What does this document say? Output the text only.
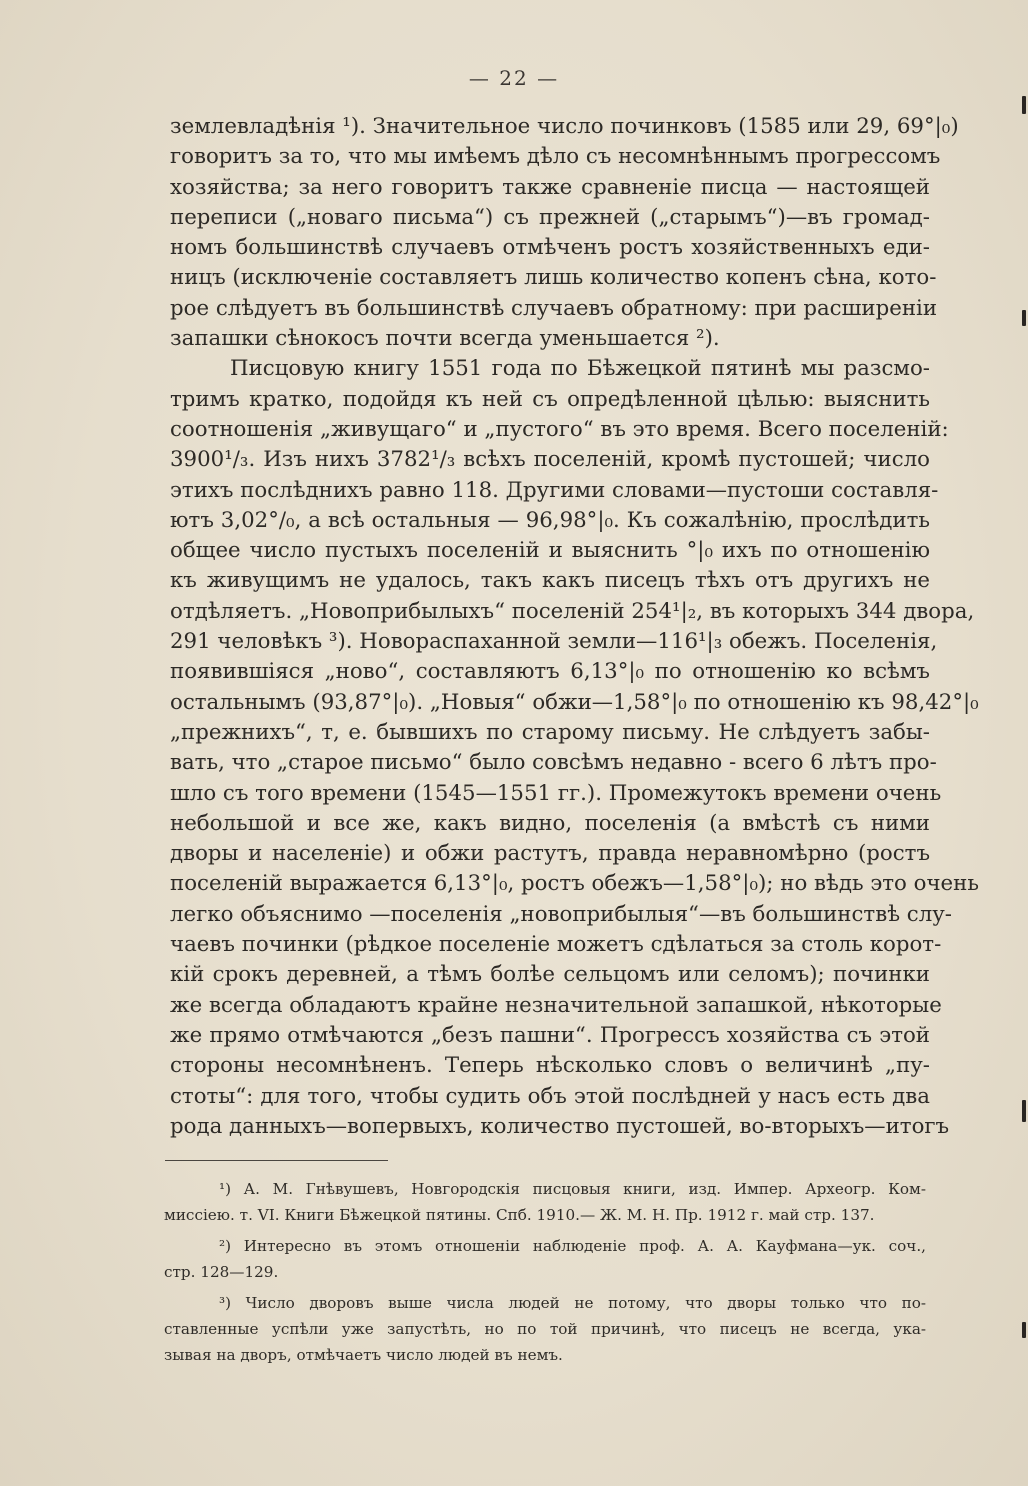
— 22 —
землевладѣнія ¹). Значительное число починковъ (1585 или 29, 69°|₀)
говоритъ за то, что мы имѣемъ дѣло съ несомнѣннымъ прогрессомъ
хозяйства; за него говоритъ также сравненіе писца — настоящей
переписи („новаго письма“) съ прежней („старымъ“)—въ громад-
номъ большинствѣ случаевъ отмѣченъ ростъ хозяйственныхъ еди-
ницъ (исключеніе составляетъ лишь количество копенъ сѣна, кото-
рое слѣдуетъ въ большинствѣ случаевъ обратному: при расширеніи
запашки сѣнокосъ почти всегда уменьшается ²).
Писцовую книгу 1551 года по Бѣжецкой пятинѣ мы разсмо-
тримъ кратко, подойдя къ ней съ опредѣленной цѣлью: выяснить
соотношенія „живущаго“ и „пустого“ въ это время. Всего поселеній:
3900¹/₃. Изъ нихъ 3782¹/₃ всѣхъ поселеній, кромѣ пустошей; число
этихъ послѣднихъ равно 118. Другими словами—пустоши составля-
ютъ 3,02°/₀, а всѣ остальныя — 96,98°|₀. Къ сожалѣнію, прослѣдить
общее число пустыхъ поселеній и выяснить °|₀ ихъ по отношенію
къ живущимъ не удалось, такъ какъ писецъ тѣхъ отъ другихъ не
отдѣляетъ. „Новоприбылыхъ“ поселеній 254¹|₂, въ которыхъ 344 двора,
291 человѣкъ ³). Новораспаханной земли—116¹|₃ обежъ. Поселенія,
появившіяся „ново“, составляютъ 6,13°|₀ по отношенію ко всѣмъ
остальнымъ (93,87°|₀). „Новыя“ обжи—1,58°|₀ по отношенію къ 98,42°|₀
„прежнихъ“, т, е. бывшихъ по старому письму. Не слѣдуетъ забы-
вать, что „старое письмо“ было совсѣмъ недавно - всего 6 лѣтъ про-
шло съ того времени (1545—1551 гг.). Промежутокъ времени очень
небольшой и все же, какъ видно, поселенія (а вмѣстѣ съ ними
дворы и населеніе) и обжи растутъ, правда неравномѣрно (ростъ
поселеній выражается 6,13°|₀, ростъ обежъ—1,58°|₀); но вѣдь это очень
легко объяснимо —поселенія „новоприбылыя“—въ большинствѣ слу-
чаевъ починки (рѣдкое поселеніе можетъ сдѣлаться за столь корот-
кій срокъ деревней, а тѣмъ болѣе сельцомъ или селомъ); починки
же всегда обладаютъ крайне незначительной запашкой, нѣкоторые
же прямо отмѣчаются „безъ пашни“. Прогрессъ хозяйства съ этой
стороны несомнѣненъ. Теперь нѣсколько словъ о величинѣ „пу-
стоты“: для того, чтобы судить объ этой послѣдней у насъ есть два
рода данныхъ—вопервыхъ, количество пустошей, во-вторыхъ—итогъ
¹) А. М. Гнѣвушевъ, Новгородскія писцовыя книги, изд. Импер. Археогр. Ком-
миссіею. т. VI. Книги Бѣжецкой пятины. Спб. 1910.— Ж. М. Н. Пр. 1912 г. май стр. 137.
²) Интересно въ этомъ отношеніи наблюденіе проф. А. А. Кауфмана—ук. соч.,
стр. 128—129.
³) Число дворовъ выше числа людей не потому, что дворы только что по-
ставленные успѣли уже запустѣть, но по той причинѣ, что писецъ не всегда, ука-
зывая на дворъ, отмѣчаетъ число людей въ немъ.
